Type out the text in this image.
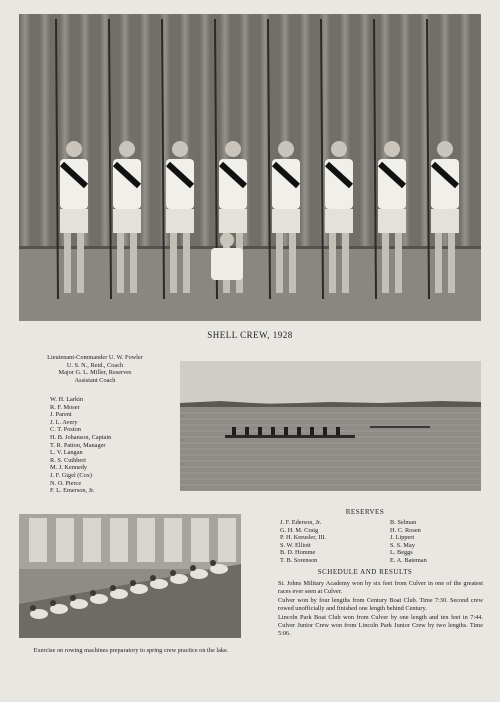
SHELL CREW, 1928
Lieutenant-Commander U. W. Fowler
U. S. N., Retd., Coach
Major G. L. Miller, Reserves
Assistant Coach
W. H. Larkin
R. F. Moser
J. Parent
J. L. Avery
C. T. Poston
H. B. Johanson, Captain
T. R. Patton, Manager
L. V. Langan
R. S. Cuthbert
M. J. Kennedy
J. F. Gigel (Cox)
N. O. Pierce
F. L. Emerson, Jr.
Exercise on rowing machines preparatory to spring crew practice on the lake.
RESERVES
J. F. Ederson, Jr.
G. H. M. Craig
P. H. Kreusler, III.
S. W. Elliott
B. D. Homme
T. B. Sorenson
B. Selman
H. C. Rosen
J. Lippert
S. S. May
L. Beggs
E. A. Bateman
SCHEDULE AND RESULTS
St. Johns Military Academy won by six feet from Culver in one of the greatest races ever seen at Culver.
Culver won by four lengths from Century Boat Club. Time 7:30. Second crew rowed unofficially and finished one length behind Century.
Lincoln Park Boat Club won from Culver by one length and ten feet in 7:44. Culver Junior Crew won from Lincoln Park Junior Crew by two lengths. Time 5:06.
